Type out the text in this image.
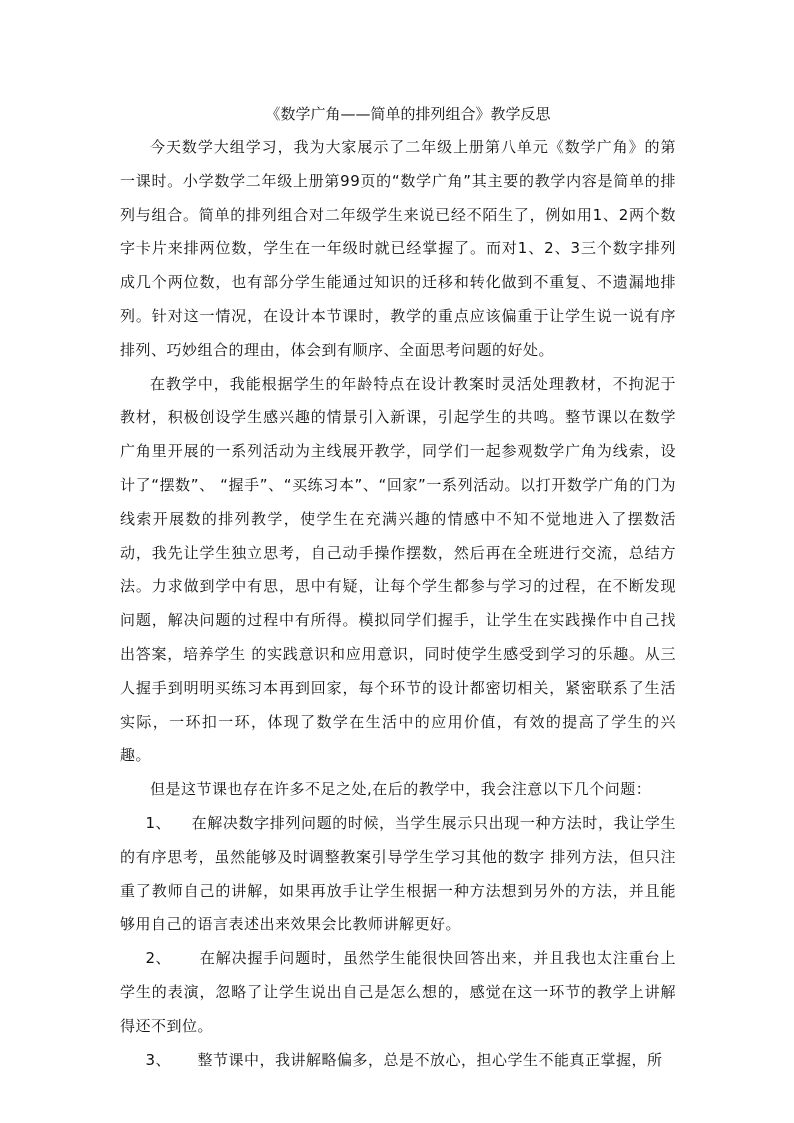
《数学广角——简单的排列组合》教学反思

今天数学大组学习，我为大家展示了二年级上册第八单元《数学广角》的第一课时。小学数学二年级上册第99页的“数学广角”其主要的教学内容是简单的排列与组合。简单的排列组合对二年级学生来说已经不陌生了，例如用1、2两个数字卡片来排两位数，学生在一年级时就已经掌握了。而对1、2、3三个数字排列成几个两位数，也有部分学生能通过知识的迁移和转化做到不重复、不遗漏地排列。针对这一情况，在设计本节课时，教学的重点应该偏重于让学生说一说有序排列、巧妙组合的理由，体会到有顺序、全面思考问题的好处。

在教学中，我能根据学生的年龄特点在设计教案时灵活处理教材，不拘泥于教材，积极创设学生感兴趣的情景引入新课，引起学生的共鸣。整节课以在数学广角里开展的一系列活动为主线展开教学，同学们一起参观数学广角为线索，设计了“摆数”、 “握手”、“买练习本”、“回家”一系列活动。以打开数学广角的门为线索开展数的排列教学，使学生在充满兴趣的情感中不知不觉地进入了摆数活动，我先让学生独立思考，自己动手操作摆数，然后再在全班进行交流，总结方法。力求做到学中有思，思中有疑，让每个学生都参与学习的过程，在不断发现问题，解决问题的过程中有所得。模拟同学们握手，让学生在实践操作中自己找出答案，培养学生 的实践意识和应用意识，同时使学生感受到学习的乐趣。从三人握手到明明买练习本再到回家，每个环节的设计都密切相关，紧密联系了生活实际，一环扣一环，体现了数学在生活中的应用价值，有效的提高了学生的兴趣。

但是这节课也存在许多不足之处,在后的教学中，我会注意以下几个问题：

1、 在解决数字排列问题的时候，当学生展示只出现一种方法时，我让学生的有序思考，虽然能够及时调整教案引导学生学习其他的数字 排列方法，但只注重了教师自己的讲解，如果再放手让学生根据一种方法想到另外的方法，并且能够用自己的语言表述出来效果会比教师讲解更好。

2、 在解决握手问题时，虽然学生能很快回答出来，并且我也太注重台上学生的表演，忽略了让学生说出自己是怎么想的，感觉在这一环节的教学上讲解得还不到位。

3、 整节课中，我讲解略偏多，总是不放心，担心学生不能真正掌握，所
